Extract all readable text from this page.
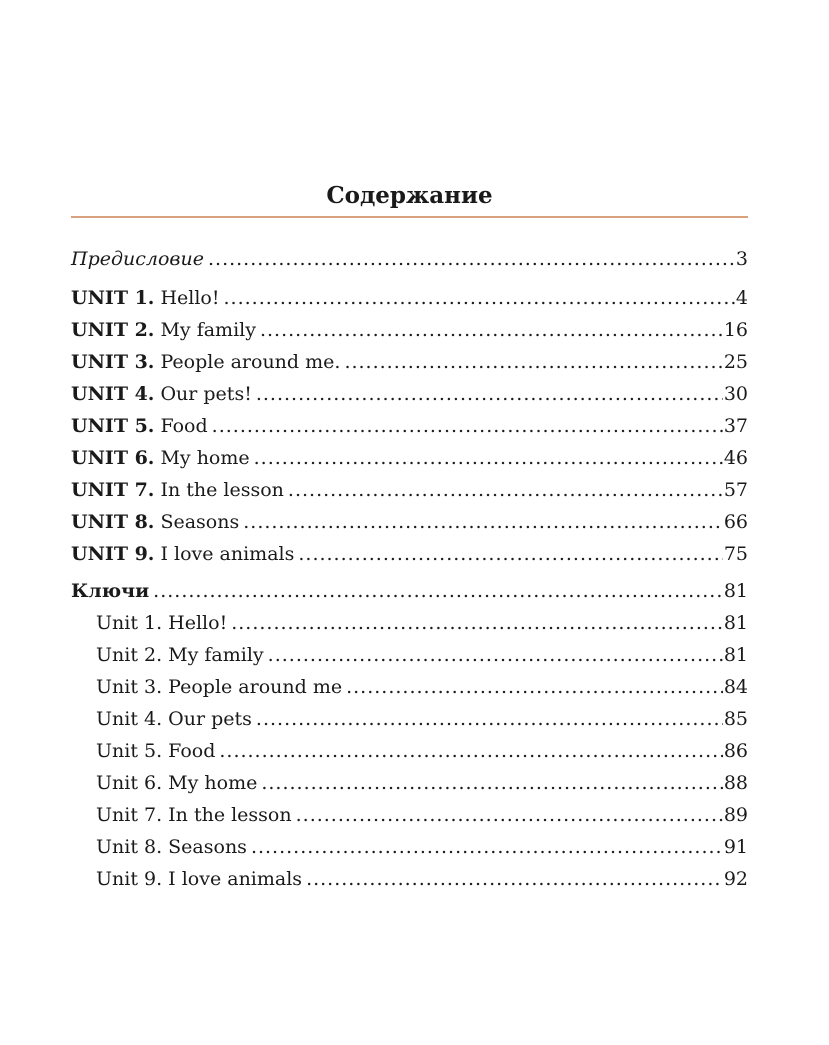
Содержание
Предисловие .....	3
UNIT 1. Hello! .....	4
UNIT 2. My family .....	16
UNIT 3. People around me. .....	25
UNIT 4. Our pets! .....	30
UNIT 5. Food .....	37
UNIT 6. My home .....	46
UNIT 7. In the lesson .....	57
UNIT 8. Seasons .....	66
UNIT 9. I love animals .....	75
Ключи .....	81
Unit 1. Hello! .....	81
Unit 2. My family .....	81
Unit 3. People around me .....	84
Unit 4. Our pets .....	85
Unit 5. Food .....	86
Unit 6. My home .....	88
Unit 7. In the lesson .....	89
Unit 8. Seasons .....	91
Unit 9. I love animals .....	92
